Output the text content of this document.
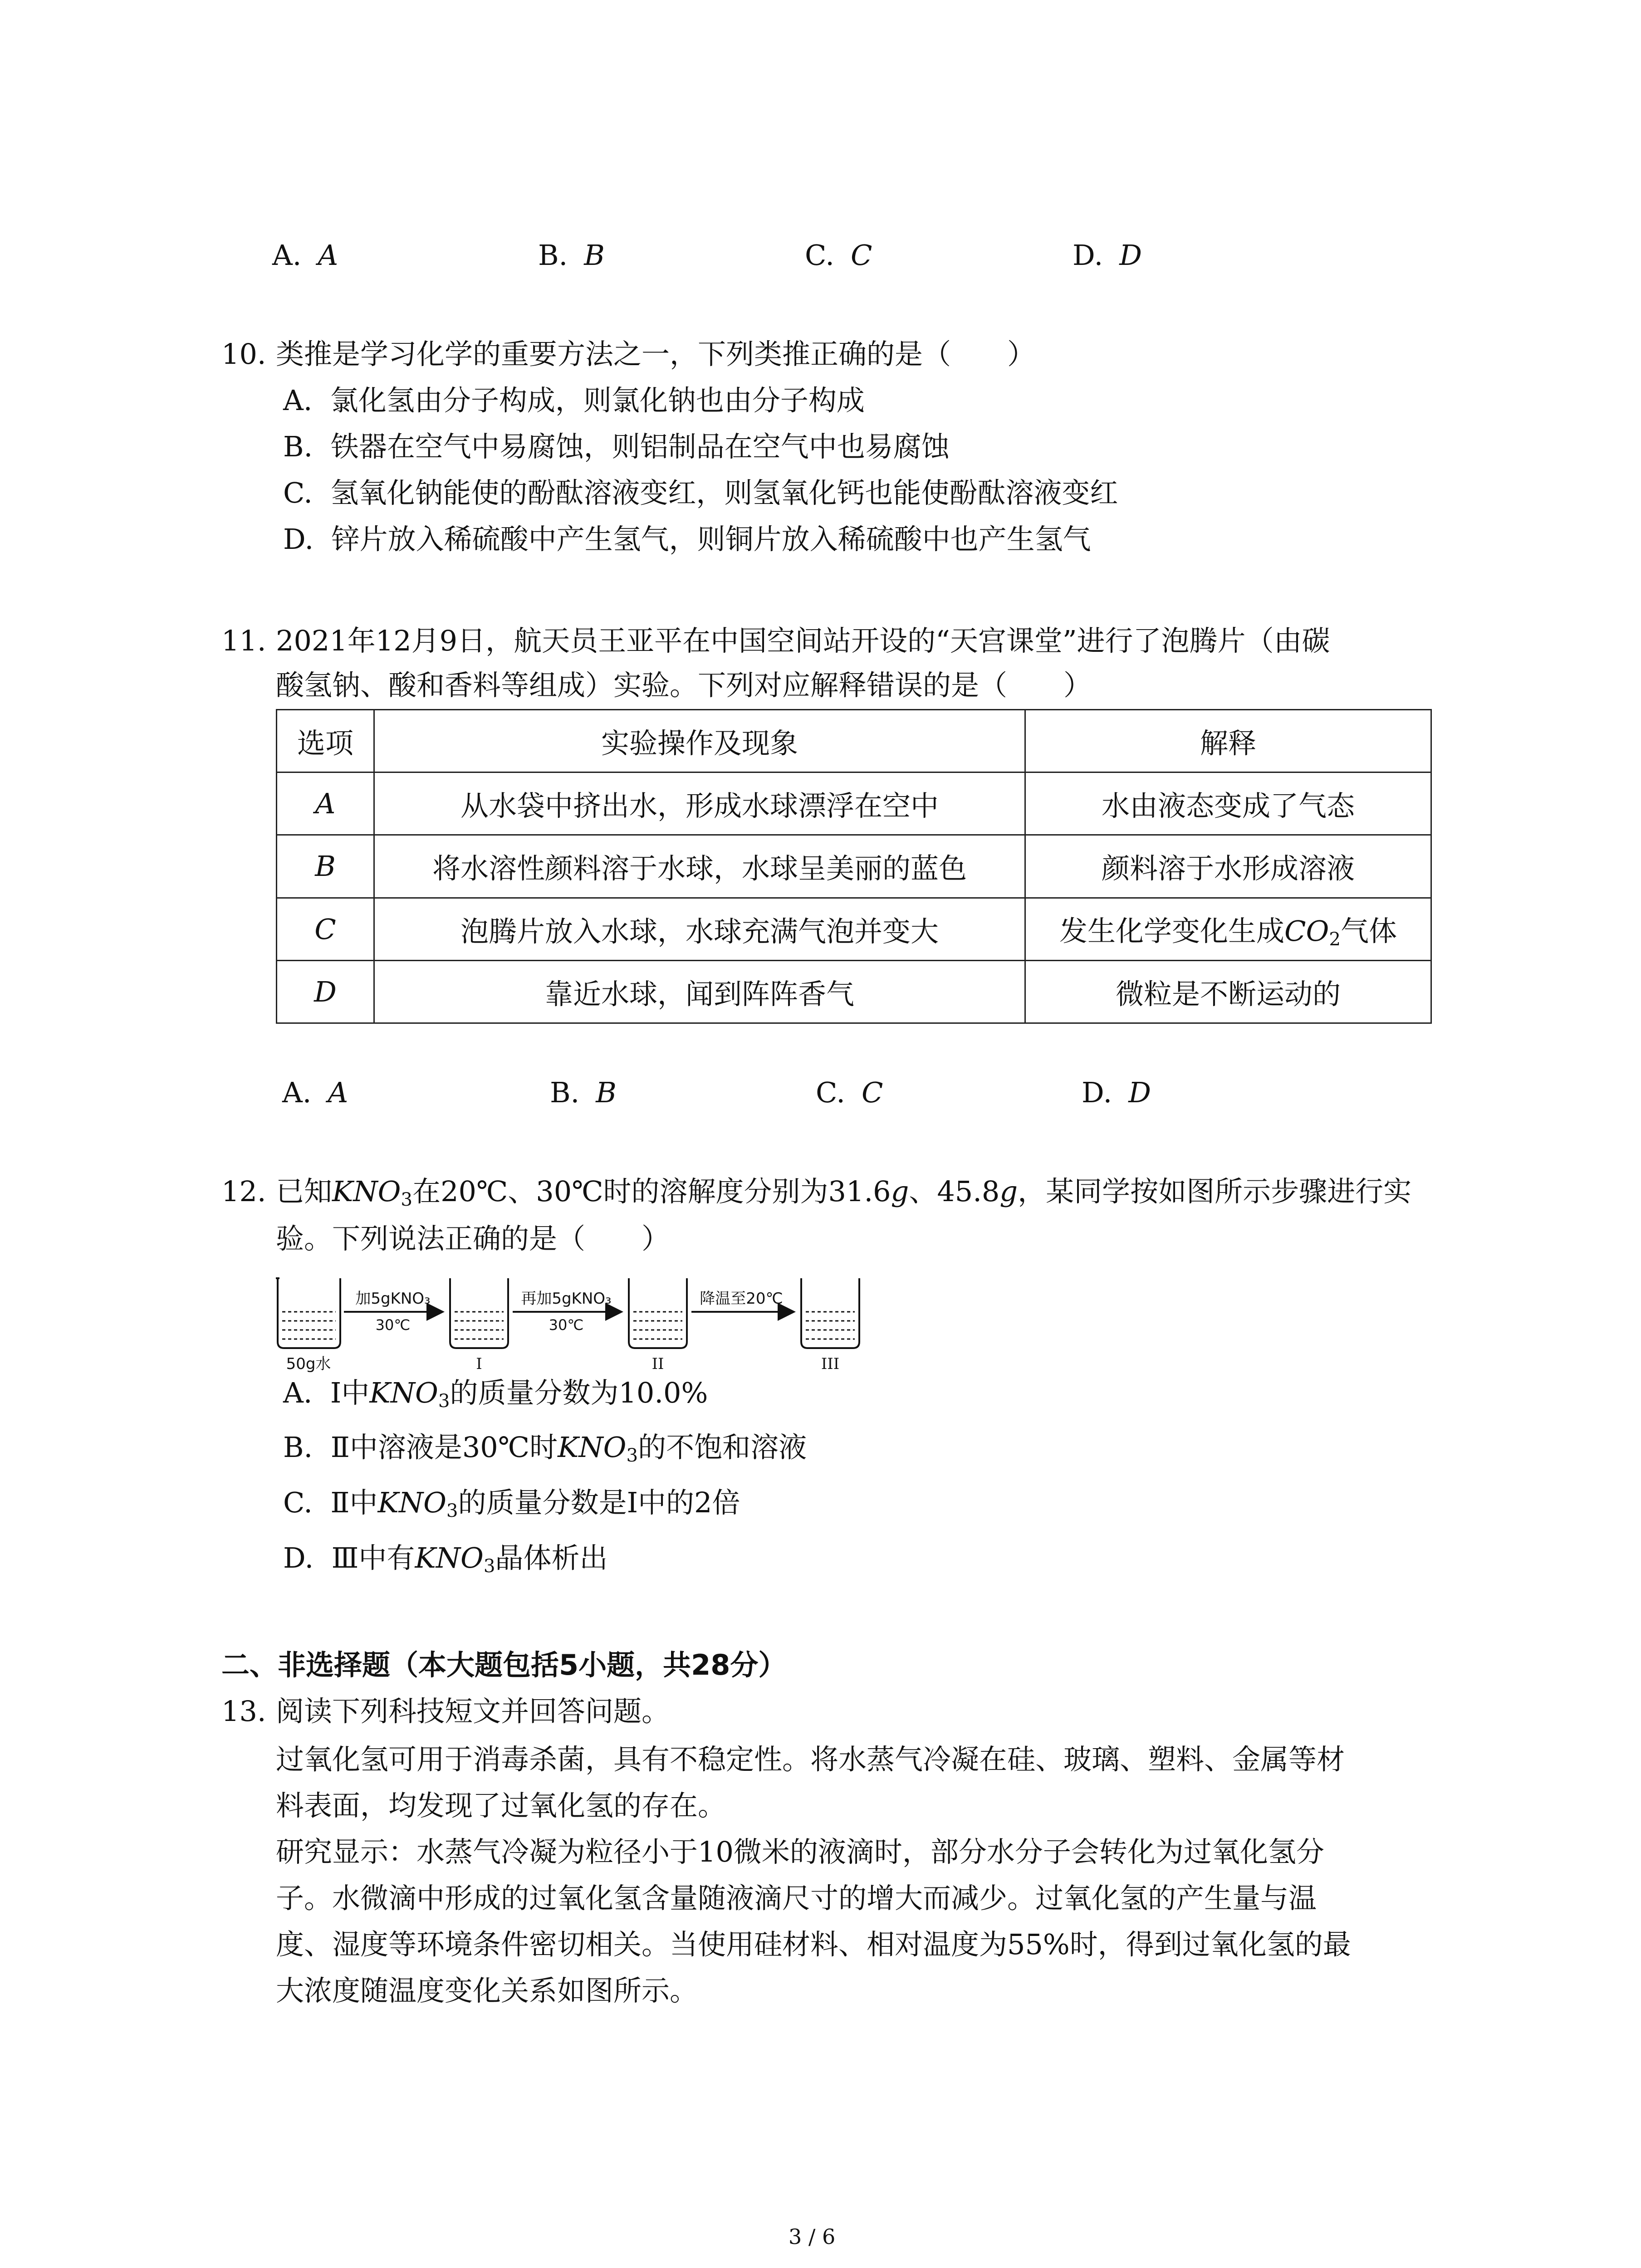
A. A	B. B	C. C	D. D
10. 类推是学习化学的重要方法之一，下列类推正确的是（　　）
A. 氯化氢由分子构成，则氯化钠也由分子构成
B. 铁器在空气中易腐蚀，则铝制品在空气中也易腐蚀
C. 氢氧化钠能使的酚酞溶液变红，则氢氧化钙也能使酚酞溶液变红
D. 锌片放入稀硫酸中产生氢气，则铜片放入稀硫酸中也产生氢气
11. 2021年12月9日，航天员王亚平在中国空间站开设的“天宫课堂”进行了泡腾片（由碳
酸氢钠、酸和香料等组成）实验。下列对应解释错误的是（　　）
选项	实验操作及现象	解释
A	从水袋中挤出水，形成水球漂浮在空中	水由液态变成了气态
B	将水溶性颜料溶于水球，水球呈美丽的蓝色	颜料溶于水形成溶液
C	泡腾片放入水球，水球充满气泡并变大	发生化学变化生成$CO_2$气体
D	靠近水球，闻到阵阵香气	微粒是不断运动的
A. A	B. B	C. C	D. D
12. 已知$KNO_3$在20℃、30℃时的溶解度分别为31.6g、45.8g，某同学按如图所示步骤进行实
验。下列说法正确的是（　　）
50g水
加5gKNO₃
30℃
I
再加5gKNO₃
30℃
II
降温至20℃
III
A. Ⅰ中$KNO_3$的质量分数为10.0%
B. Ⅱ中溶液是30℃时$KNO_3$的不饱和溶液
C. Ⅱ中$KNO_3$的质量分数是Ⅰ中的2倍
D. Ⅲ中有$KNO_3$晶体析出
二、非选择题（本大题包括5小题，共28分）
13. 阅读下列科技短文并回答问题。
过氧化氢可用于消毒杀菌，具有不稳定性。将水蒸气冷凝在硅、玻璃、塑料、金属等材
料表面，均发现了过氧化氢的存在。
研究显示：水蒸气冷凝为粒径小于10微米的液滴时，部分水分子会转化为过氧化氢分
子。水微滴中形成的过氧化氢含量随液滴尺寸的增大而减少。过氧化氢的产生量与温
度、湿度等环境条件密切相关。当使用硅材料、相对温度为55%时，得到过氧化氢的最
大浓度随温度变化关系如图所示。
3 / 6
